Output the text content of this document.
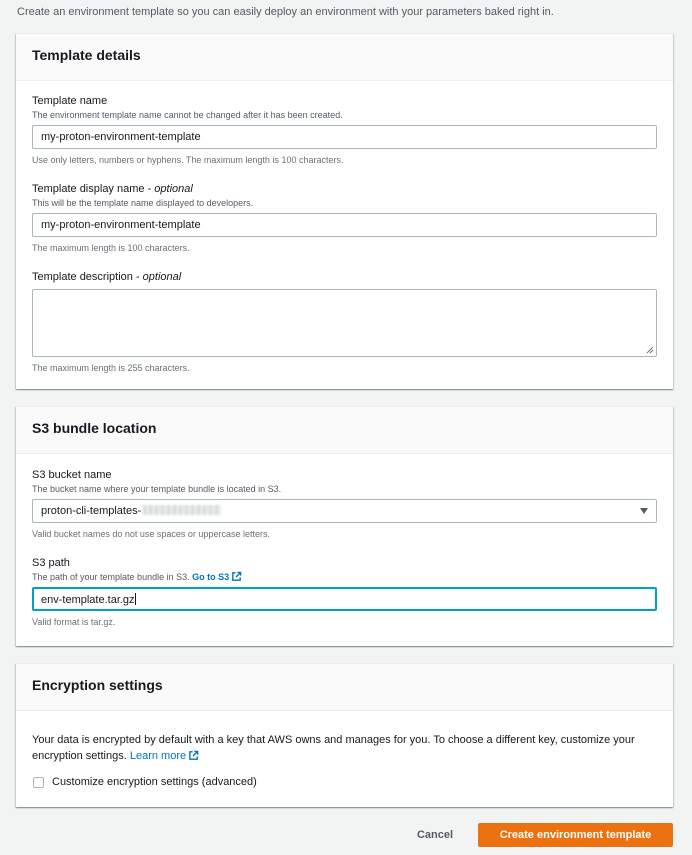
Create an environment template so you can easily deploy an environment with your parameters baked right in.
Template details
Template name
The environment template name cannot be changed after it has been created.
my-proton-environment-template
Use only letters, numbers or hyphens. The maximum length is 100 characters.
Template display name - optional
This will be the template name displayed to developers.
my-proton-environment-template
The maximum length is 100 characters.
Template description - optional
The maximum length is 255 characters.
S3 bundle location
S3 bucket name
The bucket name where your template bundle is located in S3.
proton-cli-templates-
Valid bucket names do not use spaces or uppercase letters.
S3 path
The path of your template bundle in S3. Go to S3
env-template.tar.gz
Valid format is tar.gz.
Encryption settings
Your data is encrypted by default with a key that AWS owns and manages for you. To choose a different key, customize your encryption settings. Learn more
Customize encryption settings (advanced)
Cancel	Create environment template
